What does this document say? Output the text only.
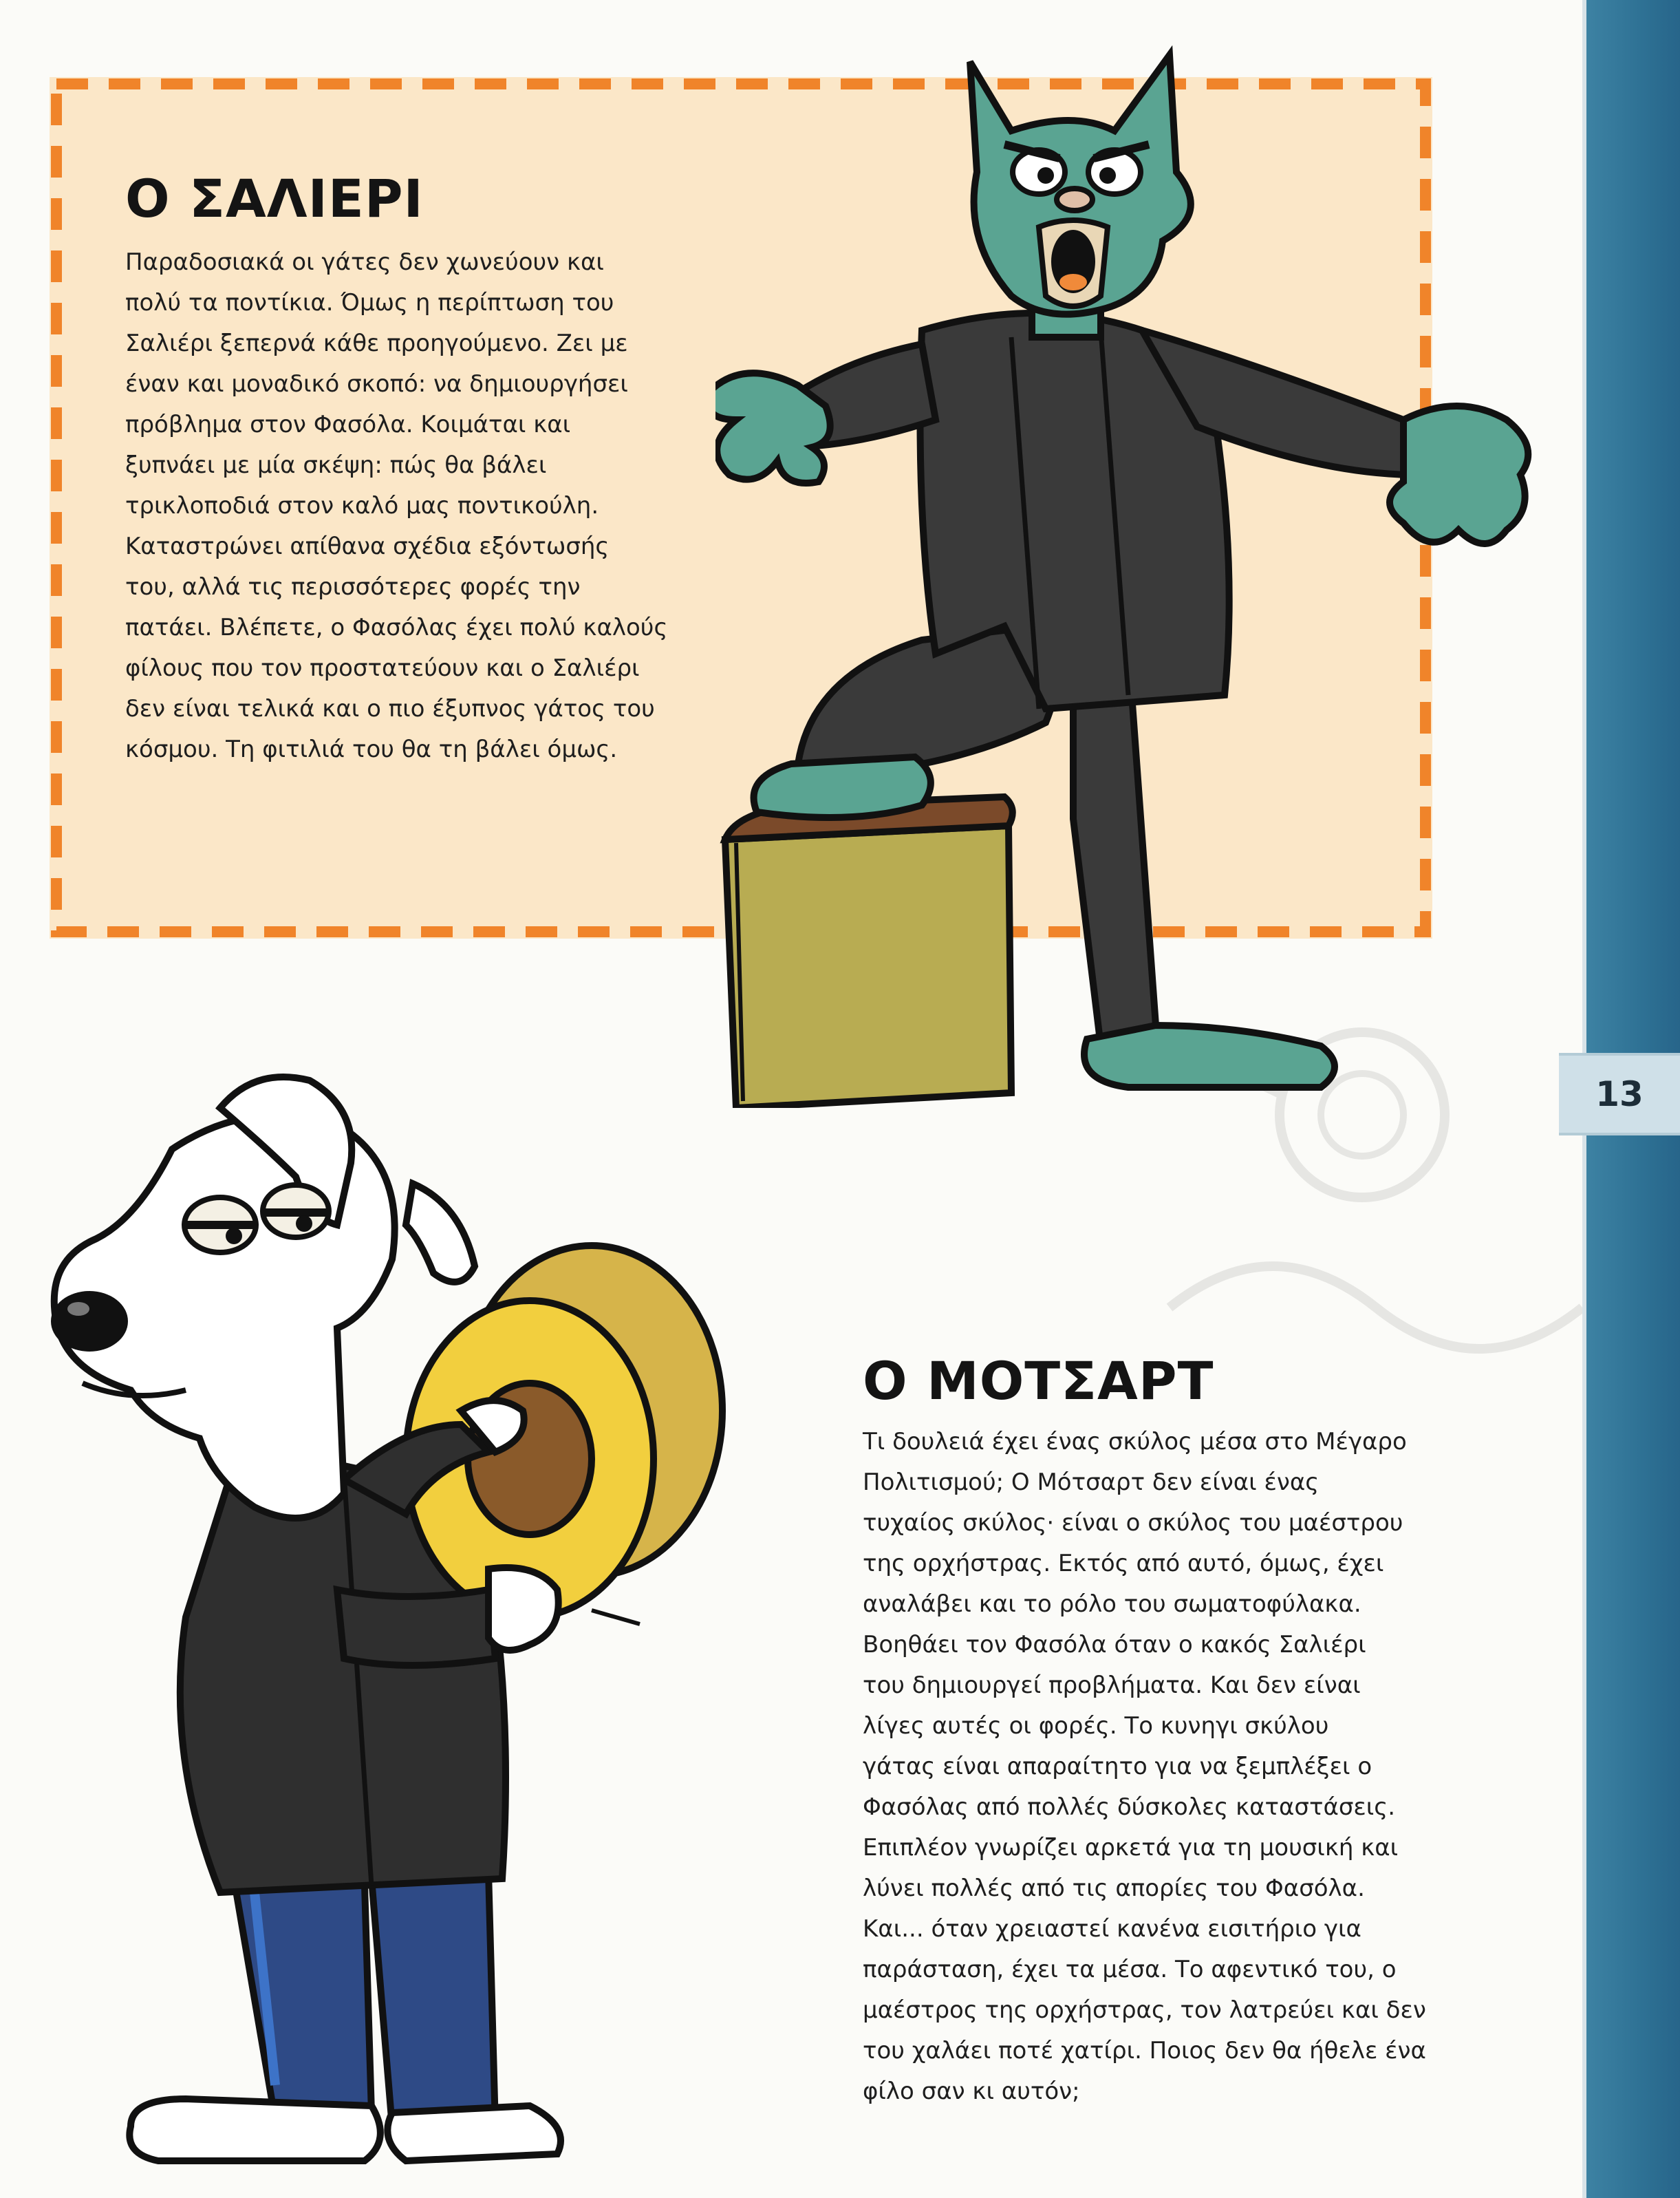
13
Ο ΣΑΛΙΕΡΙ
Παραδοσιακά οι γάτες δεν χωνεύουν και
πολύ τα ποντίκια. Όμως η περίπτωση του
Σαλιέρι ξεπερνά κάθε προηγούμενο. Ζει με
έναν και μοναδικό σκοπό: να δημιουργήσει
πρόβλημα στον Φασόλα. Κοιμάται και
ξυπνάει με μία σκέψη: πώς θα βάλει
τρικλοποδιά στον καλό μας ποντικούλη.
Καταστρώνει απίθανα σχέδια εξόντωσής
του, αλλά τις περισσότερες φορές την
πατάει. Βλέπετε, ο Φασόλας έχει πολύ καλούς
φίλους που τον προστατεύουν και ο Σαλιέρι
δεν είναι τελικά και ο πιο έξυπνος γάτος του
κόσμου. Τη φιτιλιά του θα τη βάλει όμως.
Ο ΜΟΤΣΑΡΤ
Τι δουλειά έχει ένας σκύλος μέσα στο Μέγαρο
Πολιτισμού; Ο Μότσαρτ δεν είναι ένας
τυχαίος σκύλος· είναι ο σκύλος του μαέστρου
της ορχήστρας. Εκτός από αυτό, όμως, έχει
αναλάβει και το ρόλο του σωματοφύλακα.
Βοηθάει τον Φασόλα όταν ο κακός Σαλιέρι
του δημιουργεί προβλήματα. Και δεν είναι
λίγες αυτές οι φορές. Το κυνηγι σκύλου
γάτας είναι απαραίτητο για να ξεμπλέξει ο
Φασόλας από πολλές δύσκολες καταστάσεις.
Επιπλέον γνωρίζει αρκετά για τη μουσική και
λύνει πολλές από τις απορίες του Φασόλα.
Και... όταν χρειαστεί κανένα εισιτήριο για
παράσταση, έχει τα μέσα. Το αφεντικό του, ο
μαέστρος της ορχήστρας, τον λατρεύει και δεν
του χαλάει ποτέ χατίρι. Ποιος δεν θα ήθελε ένα
φίλο σαν κι αυτόν;
